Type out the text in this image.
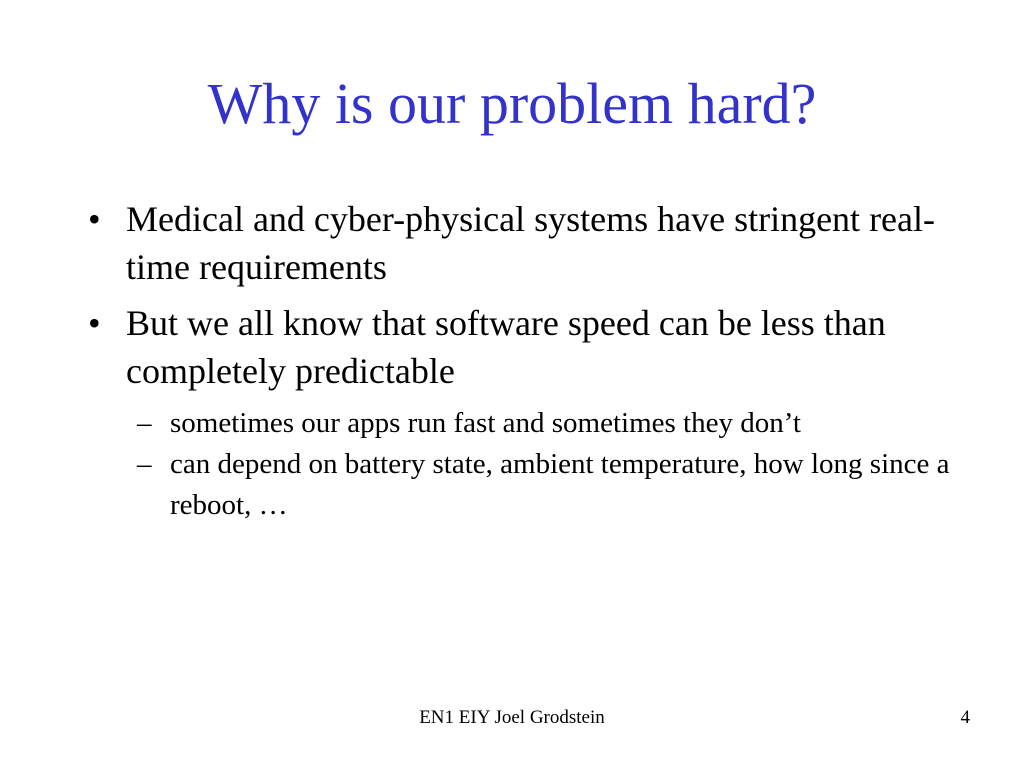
Why is our problem hard?
• Medical and cyber-physical systems have stringent real-time requirements
• But we all know that software speed can be less than completely predictable
– sometimes our apps run fast and sometimes they don’t
– can depend on battery state, ambient temperature, how long since a reboot, …
EN1 EIY Joel Grodstein	4
